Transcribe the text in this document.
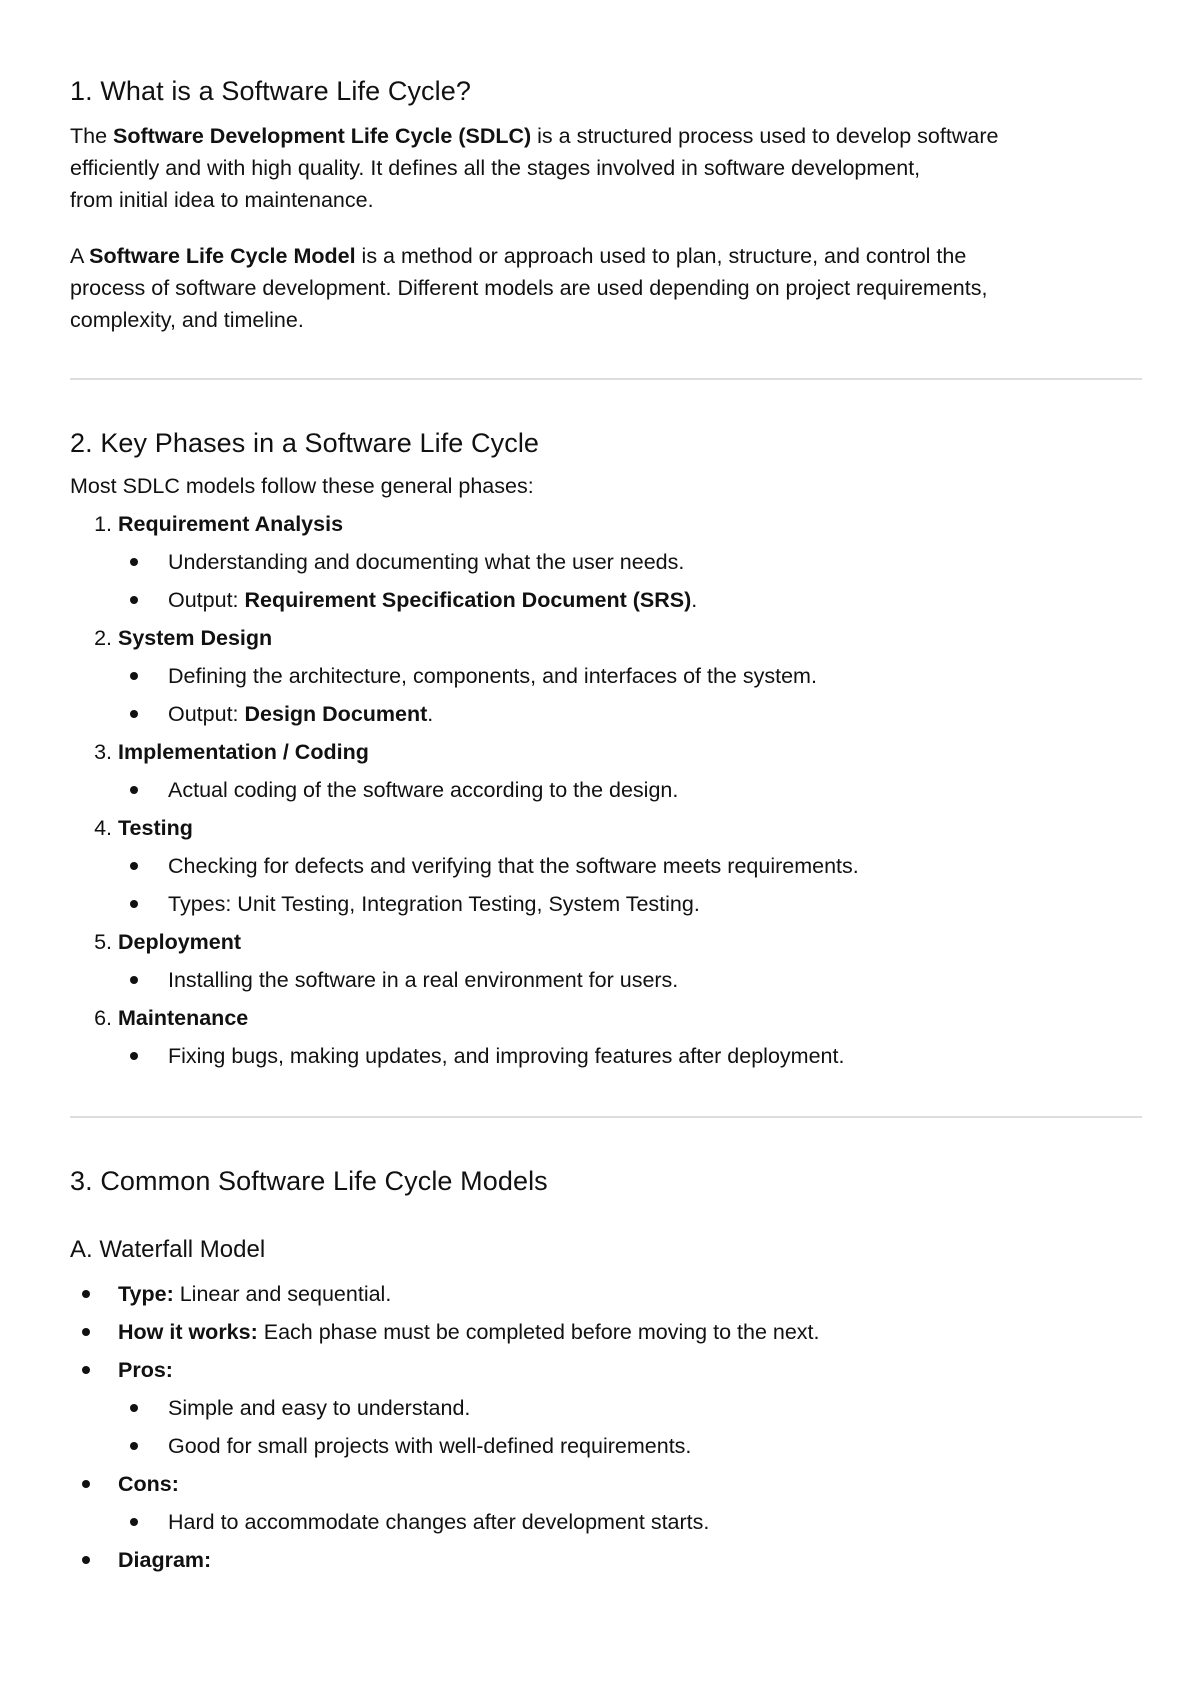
1. What is a Software Life Cycle?
The Software Development Life Cycle (SDLC) is a structured process used to develop software
efficiently and with high quality. It defines all the stages involved in software development,
from initial idea to maintenance.
A Software Life Cycle Model is a method or approach used to plan, structure, and control the
process of software development. Different models are used depending on project requirements,
complexity, and timeline.
2. Key Phases in a Software Life Cycle
Most SDLC models follow these general phases:
1. Requirement Analysis
Understanding and documenting what the user needs.
Output: Requirement Specification Document (SRS).
2. System Design
Defining the architecture, components, and interfaces of the system.
Output: Design Document.
3. Implementation / Coding
Actual coding of the software according to the design.
4. Testing
Checking for defects and verifying that the software meets requirements.
Types: Unit Testing, Integration Testing, System Testing.
5. Deployment
Installing the software in a real environment for users.
6. Maintenance
Fixing bugs, making updates, and improving features after deployment.
3. Common Software Life Cycle Models
A. Waterfall Model
Type: Linear and sequential.
How it works: Each phase must be completed before moving to the next.
Pros:
Simple and easy to understand.
Good for small projects with well-defined requirements.
Cons:
Hard to accommodate changes after development starts.
Diagram:
